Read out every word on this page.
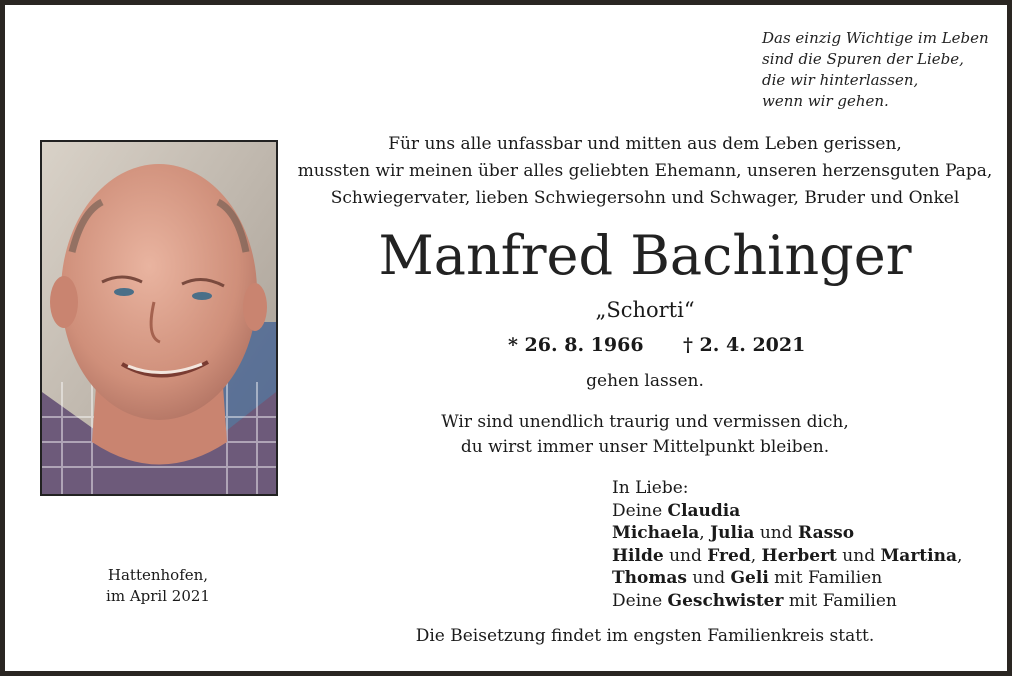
Das einzig Wichtige im Leben
sind die Spuren der Liebe,
die wir hinterlassen,
wenn wir gehen.
Für uns alle unfassbar und mitten aus dem Leben gerissen,
mussten wir meinen über alles geliebten Ehemann, unseren herzensguten Papa,
Schwiegervater, lieben Schwiegersohn und Schwager, Bruder und Onkel
Hattenhofen,
im April 2021
Manfred Bachinger
„Schorti“
* 26. 8. 1966 † 2. 4. 2021
gehen lassen.
Wir sind unendlich traurig und vermissen dich,
du wirst immer unser Mittelpunkt bleiben.
In Liebe:
Deine Claudia
Michaela, Julia und Rasso
Hilde und Fred, Herbert und Martina,
Thomas und Geli mit Familien
Deine Geschwister mit Familien
Die Beisetzung findet im engsten Familienkreis statt.
